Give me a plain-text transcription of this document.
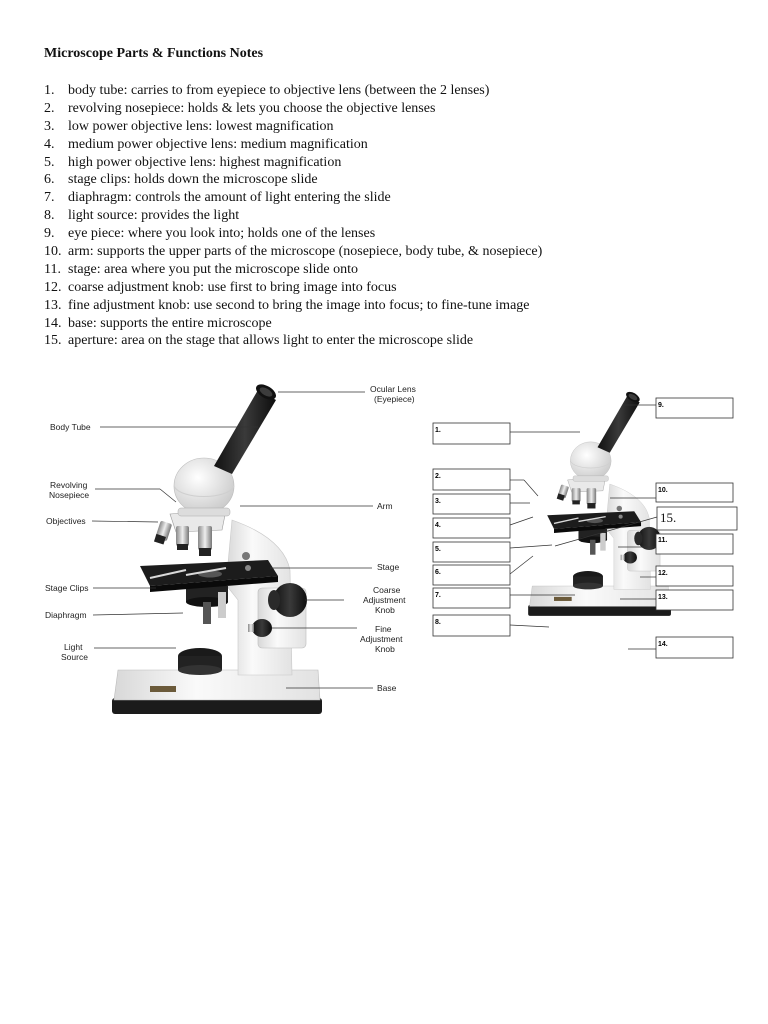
Microscope Parts & Functions Notes
1. body tube: carries to from eyepiece to objective lens (between the 2 lenses)
2. revolving nosepiece: holds & lets you choose the objective lenses
3. low power objective lens: lowest magnification
4. medium power objective lens: medium magnification
5. high power objective lens: highest magnification
6. stage clips: holds down the microscope slide
7. diaphragm: controls the amount of light entering the slide
8. light source: provides the light
9. eye piece: where you look into; holds one of the lenses
10. arm: supports the upper parts of the microscope (nosepiece, body tube, & nosepiece)
11. stage: area where you put the microscope slide onto
12. coarse adjustment knob: use first to bring image into focus
13. fine adjustment knob: use second to bring the image into focus; to fine-tune image
14. base: supports the entire microscope
15. aperture: area on the stage that allows light to enter the microscope slide
Body Tube
Revolving
Nosepiece
Objectives
Stage Clips
Diaphragm
Light
Source
Ocular Lens
(Eyepiece)
Arm
Stage
Coarse
Adjustment
Knob
Fine
Adjustment
Knob
Base
1.
2.
3.
4.
5.
6.
7.
8.
9.
10.
11.
12.
13.
14.
15.
